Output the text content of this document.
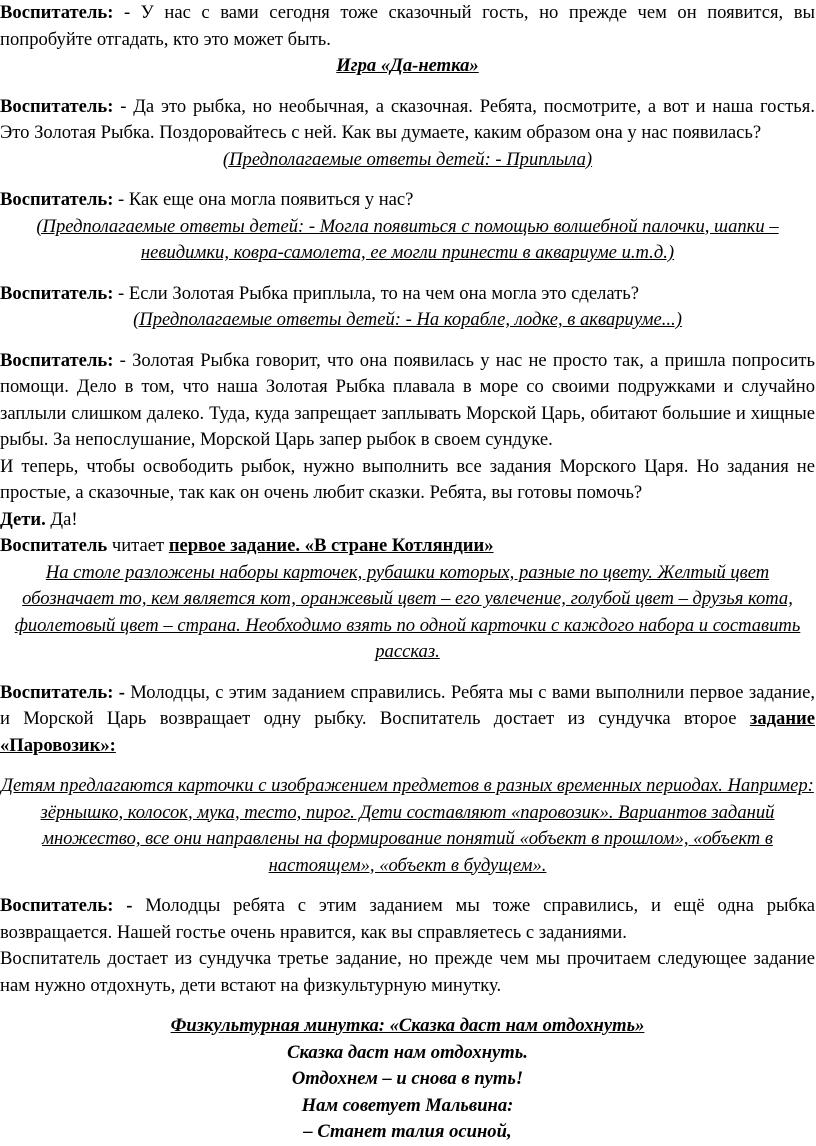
Воспитатель: - У нас с вами сегодня тоже сказочный гость, но прежде чем он появится, вы попробуйте отгадать, кто это может быть.

Игра «Да-нетка»

Воспитатель: - Да это рыбка, но необычная, а сказочная. Ребята, посмотрите, а вот и наша гостья. Это Золотая Рыбка. Поздоровайтесь с ней. Как вы думаете, каким образом она у нас появилась?

(Предполагаемые ответы детей: - Приплыла)

Воспитатель: - Как еще она могла появиться у нас?

(Предполагаемые ответы детей: - Могла появиться с помощью волшебной палочки, шапки – невидимки, ковра-самолета, ее могли принести в аквариуме и.т.д.)

Воспитатель: - Если Золотая Рыбка приплыла, то на чем она могла это сделать?

(Предполагаемые ответы детей: - На корабле, лодке, в аквариуме...)

Воспитатель: - Золотая Рыбка говорит, что она появилась у нас не просто так, а пришла попросить помощи. Дело в том, что наша Золотая Рыбка плавала в море со своими подружками и случайно заплыли слишком далеко. Туда, куда запрещает заплывать Морской Царь, обитают большие и хищные рыбы. За непослушание, Морской Царь запер рыбок в своем сундуке.

И теперь, чтобы освободить рыбок, нужно выполнить все задания Морского Царя. Но задания не простые, а сказочные, так как он очень любит сказки. Ребята, вы готовы помочь?

Дети. Да!

Воспитатель читает первое задание. «В стране Котляндии»

На столе разложены наборы карточек, рубашки которых, разные по цвету. Желтый цвет обозначает то, кем является кот, оранжевый цвет – его увлечение, голубой цвет – друзья кота, фиолетовый цвет – страна. Необходимо взять по одной карточки с каждого набора и составить рассказ.

Воспитатель: - Молодцы, с этим заданием справились. Ребята мы с вами выполнили первое задание, и Морской Царь возвращает одну рыбку. Воспитатель достает из сундучка второе задание «Паровозик»:

Детям предлагаются карточки с изображением предметов в разных временных периодах. Например: зёрнышко, колосок, мука, тесто, пирог. Дети составляют «паровозик». Вариантов заданий множество, все они направлены на формирование понятий «объект в прошлом», «объект в настоящем», «объект в будущем».

Воспитатель: - Молодцы ребята с этим заданием мы тоже справились, и ещё одна рыбка возвращается. Нашей гостье очень нравится, как вы справляетесь с заданиями.

Воспитатель достает из сундучка третье задание, но прежде чем мы прочитаем следующее задание нам нужно отдохнуть, дети встают на физкультурную минутку.

Физкультурная минутка: «Сказка даст нам отдохнуть»

Сказка даст нам отдохнуть.

Отдохнем – и снова в путь!

Нам советует Мальвина:

– Станет талия осиной,
